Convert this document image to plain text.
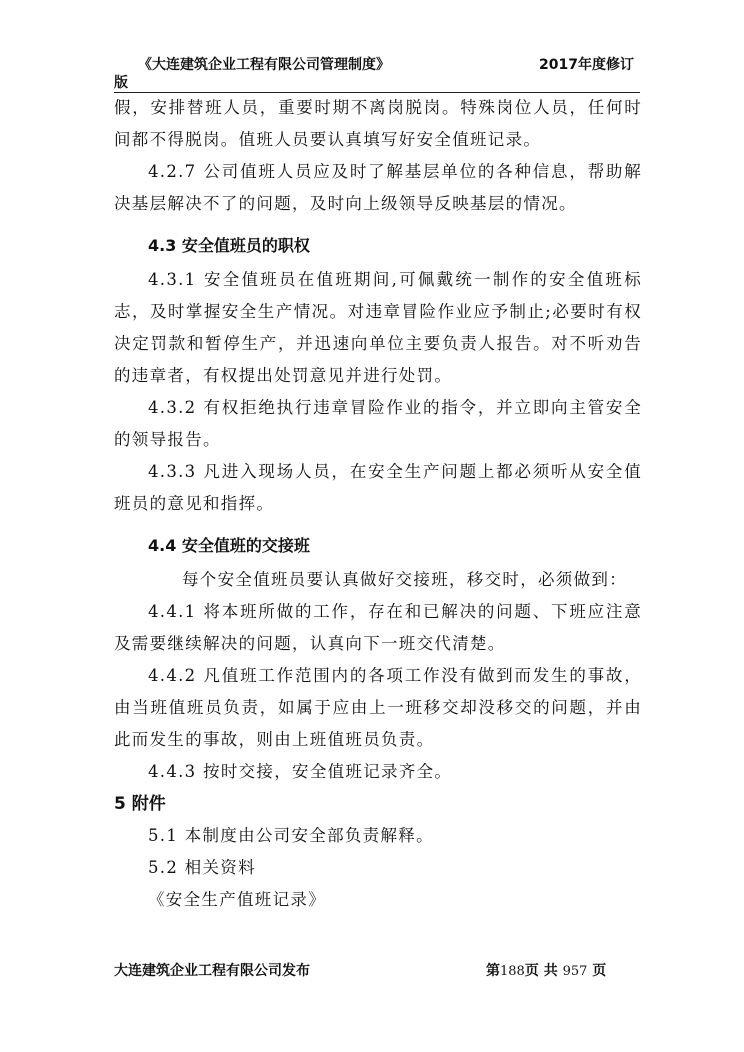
《大连建筑企业工程有限公司管理制度》	2017年度修订
版

假，安排替班人员，重要时期不离岗脱岗。特殊岗位人员，任何时间都不得脱岗。值班人员要认真填写好安全值班记录。

4.2.7 公司值班人员应及时了解基层单位的各种信息，帮助解决基层解决不了的问题，及时向上级领导反映基层的情况。

4.3 安全值班员的职权

4.3.1 安全值班员在值班期间,可佩戴统一制作的安全值班标志，及时掌握安全生产情况。对违章冒险作业应予制止;必要时有权决定罚款和暂停生产，并迅速向单位主要负责人报告。对不听劝告的违章者，有权提出处罚意见并进行处罚。

4.3.2 有权拒绝执行违章冒险作业的指令，并立即向主管安全的领导报告。

4.3.3 凡进入现场人员，在安全生产问题上都必须听从安全值班员的意见和指挥。

4.4 安全值班的交接班

每个安全值班员要认真做好交接班，移交时，必须做到：

4.4.1 将本班所做的工作，存在和已解决的问题、下班应注意及需要继续解决的问题，认真向下一班交代清楚。

4.4.2 凡值班工作范围内的各项工作没有做到而发生的事故，由当班值班员负责，如属于应由上一班移交却没移交的问题，并由此而发生的事故，则由上班值班员负责。

4.4.3 按时交接，安全值班记录齐全。

5 附件

5.1 本制度由公司安全部负责解释。

5.2 相关资料

《安全生产值班记录》

大连建筑企业工程有限公司发布	第188页 共 957 页
